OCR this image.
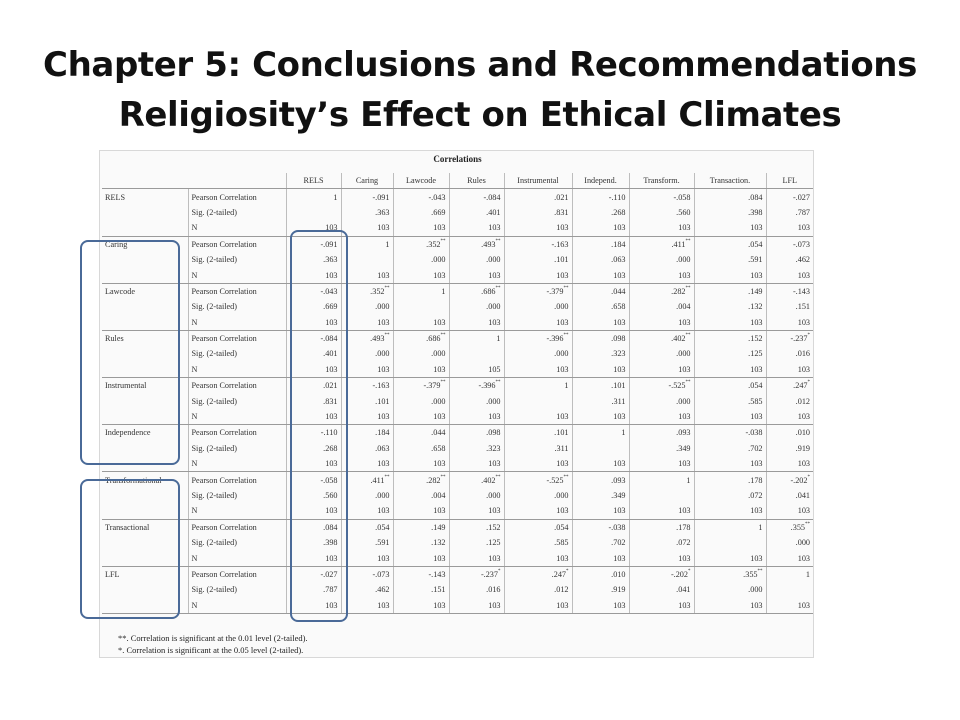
Chapter 5: Conclusions and Recommendations
Religiosity’s Effect on Ethical Climates
Correlations
		RELS	Caring	Lawcode	Rules	Instrumental	Independ.	Transform.	Transaction.	LFL
RELS	Pearson Correlation	1	-.091	-.043	-.084	.021	-.110	-.058	.084	-.027
	Sig. (2-tailed)		.363	.669	.401	.831	.268	.560	.398	.787
	N	103	103	103	103	103	103	103	103	103
Caring	Pearson Correlation	-.091	1	.352**	.493**	-.163	.184	.411**	.054	-.073
	Sig. (2-tailed)	.363		.000	.000	.101	.063	.000	.591	.462
	N	103	103	103	103	103	103	103	103	103
Lawcode	Pearson Correlation	-.043	.352**	1	.686**	-.379**	.044	.282**	.149	-.143
	Sig. (2-tailed)	.669	.000		.000	.000	.658	.004	.132	.151
	N	103	103	103	103	103	103	103	103	103
Rules	Pearson Correlation	-.084	.493**	.686**	1	-.396**	.098	.402**	.152	-.237*
	Sig. (2-tailed)	.401	.000	.000		.000	.323	.000	.125	.016
	N	103	103	103	105	103	103	103	103	103
Instrumental	Pearson Correlation	.021	-.163	-.379**	-.396**	1	.101	-.525**	.054	.247*
	Sig. (2-tailed)	.831	.101	.000	.000		.311	.000	.585	.012
	N	103	103	103	103	103	103	103	103	103
Independence	Pearson Correlation	-.110	.184	.044	.098	.101	1	.093	-.038	.010
	Sig. (2-tailed)	.268	.063	.658	.323	.311		.349	.702	.919
	N	103	103	103	103	103	103	103	103	103
Transformational	Pearson Correlation	-.058	.411**	.282**	.402**	-.525**	.093	1	.178	-.202*
	Sig. (2-tailed)	.560	.000	.004	.000	.000	.349		.072	.041
	N	103	103	103	103	103	103	103	103	103
Transactional	Pearson Correlation	.084	.054	.149	.152	.054	-.038	.178	1	.355**
	Sig. (2-tailed)	.398	.591	.132	.125	.585	.702	.072		.000
	N	103	103	103	103	103	103	103	103	103
LFL	Pearson Correlation	-.027	-.073	-.143	-.237*	.247*	.010	-.202*	.355**	1
	Sig. (2-tailed)	.787	.462	.151	.016	.012	.919	.041	.000	
	N	103	103	103	103	103	103	103	103	103
**. Correlation is significant at the 0.01 level (2-tailed).
*. Correlation is significant at the 0.05 level (2-tailed).
